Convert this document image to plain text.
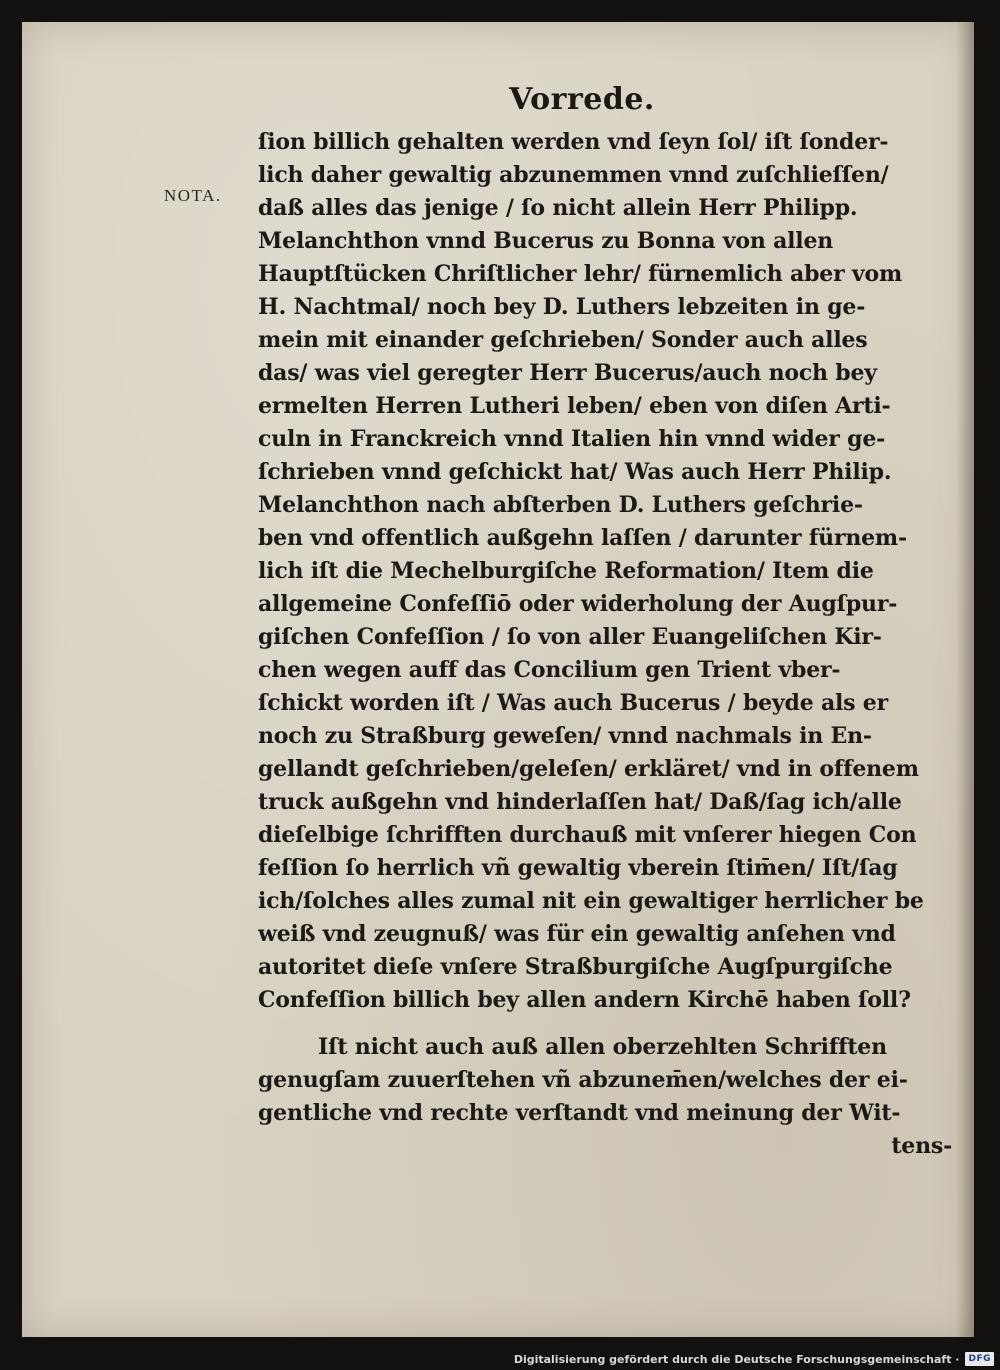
Vorrede.
NOTA.
ſion billich gehalten werden vnd ſeyn ſol/ iſt ſonder-
lich daher gewaltig abzunemmen vnnd zuſchlieſſen/
daß alles das jenige / ſo nicht allein Herr Philipp.
Melanchthon vnnd Bucerus zu Bonna von allen
Hauptſtücken Chriſtlicher lehr/ fürnemlich aber vom
H. Nachtmal/ noch bey D. Luthers lebzeiten in ge-
mein mit einander geſchrieben/ Sonder auch alles
das/ was viel geregter Herr Bucerus/auch noch bey
ermelten Herren Lutheri leben/ eben von diſen Arti-
culn in Franckreich vnnd Italien hin vnnd wider ge-
ſchrieben vnnd geſchickt hat/ Was auch Herr Philip.
Melanchthon nach abſterben D. Luthers geſchrie-
ben vnd offentlich außgehn laſſen / darunter fürnem-
lich iſt die Mechelburgiſche Reformation/ Item die
allgemeine Confeſſiō oder widerholung der Augſpur-
giſchen Confeſſion / ſo von aller Euangeliſchen Kir-
chen wegen auff das Concilium gen Trient vber-
ſchickt worden iſt / Was auch Bucerus / beyde als er
noch zu Straßburg geweſen/ vnnd nachmals in En-
gellandt geſchrieben/geleſen/ erkläret/ vnd in offenem
truck außgehn vnd hinderlaſſen hat/ Daß/ſag ich/alle
dieſelbige ſchrifften durchauß mit vnſerer hiegen Con
feſſion ſo herrlich vñ gewaltig vberein ſtim̄en/ Iſt/ſag
ich/ſolches alles zumal nit ein gewaltiger herrlicher be
weiß vnd zeugnuß/ was für ein gewaltig anſehen vnd
autoritet dieſe vnſere Straßburgiſche Augſpurgiſche
Confeſſion billich bey allen andern Kirchē haben ſoll?
Iſt nicht auch auß allen oberzehlten Schrifften
genugſam zuuerſtehen vñ abzunem̄en/welches der ei-
gentliche vnd rechte verſtandt vnd meinung der Wit-
tens-
Digitalisierung gefördert durch die Deutsche Forschungsgemeinschaft ·	DFG
